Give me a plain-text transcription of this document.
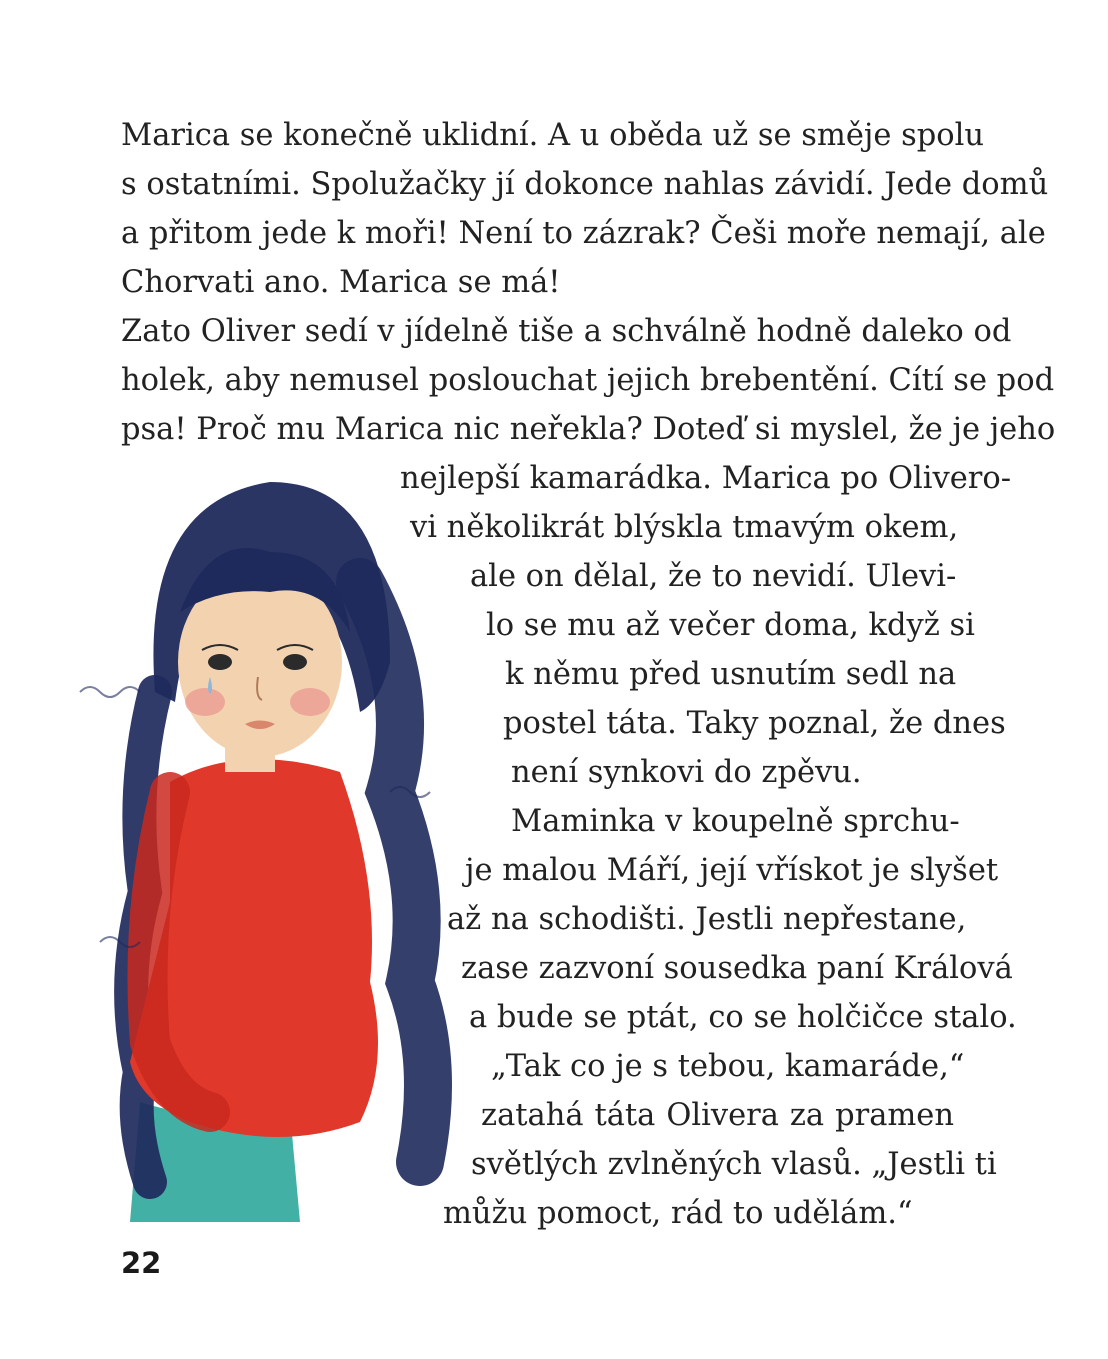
Marica se konečně uklidní. A u oběda už se směje spolu
s ostatními. Spolužačky jí dokonce nahlas závidí. Jede domů
a přitom jede k moři! Není to zázrak? Češi moře nemají, ale
Chorvati ano. Marica se má!
Zato Oliver sedí v jídelně tiše a schválně hodně daleko od
holek, aby nemusel poslouchat jejich brebentění. Cítí se pod
psa! Proč mu Marica nic neřekla? Doteď si myslel, že je jeho
nejlepší kamarádka. Marica po Olivero-
vi několikrát blýskla tmavým okem,
ale on dělal, že to nevidí. Ulevi-
lo se mu až večer doma, když si
k němu před usnutím sedl na
postel táta. Taky poznal, že dnes
není synkovi do zpěvu.
Maminka v koupelně sprchu-
je malou Máří, její vřískot je slyšet
až na schodišti. Jestli nepřestane,
zase zazvoní sousedka paní Králová
a bude se ptát, co se holčičce stalo.
„Tak co je s tebou, kamaráde,“
zatahá táta Olivera za pramen
světlých zvlněných vlasů. „Jestli ti
můžu pomoct, rád to udělám.“
22
